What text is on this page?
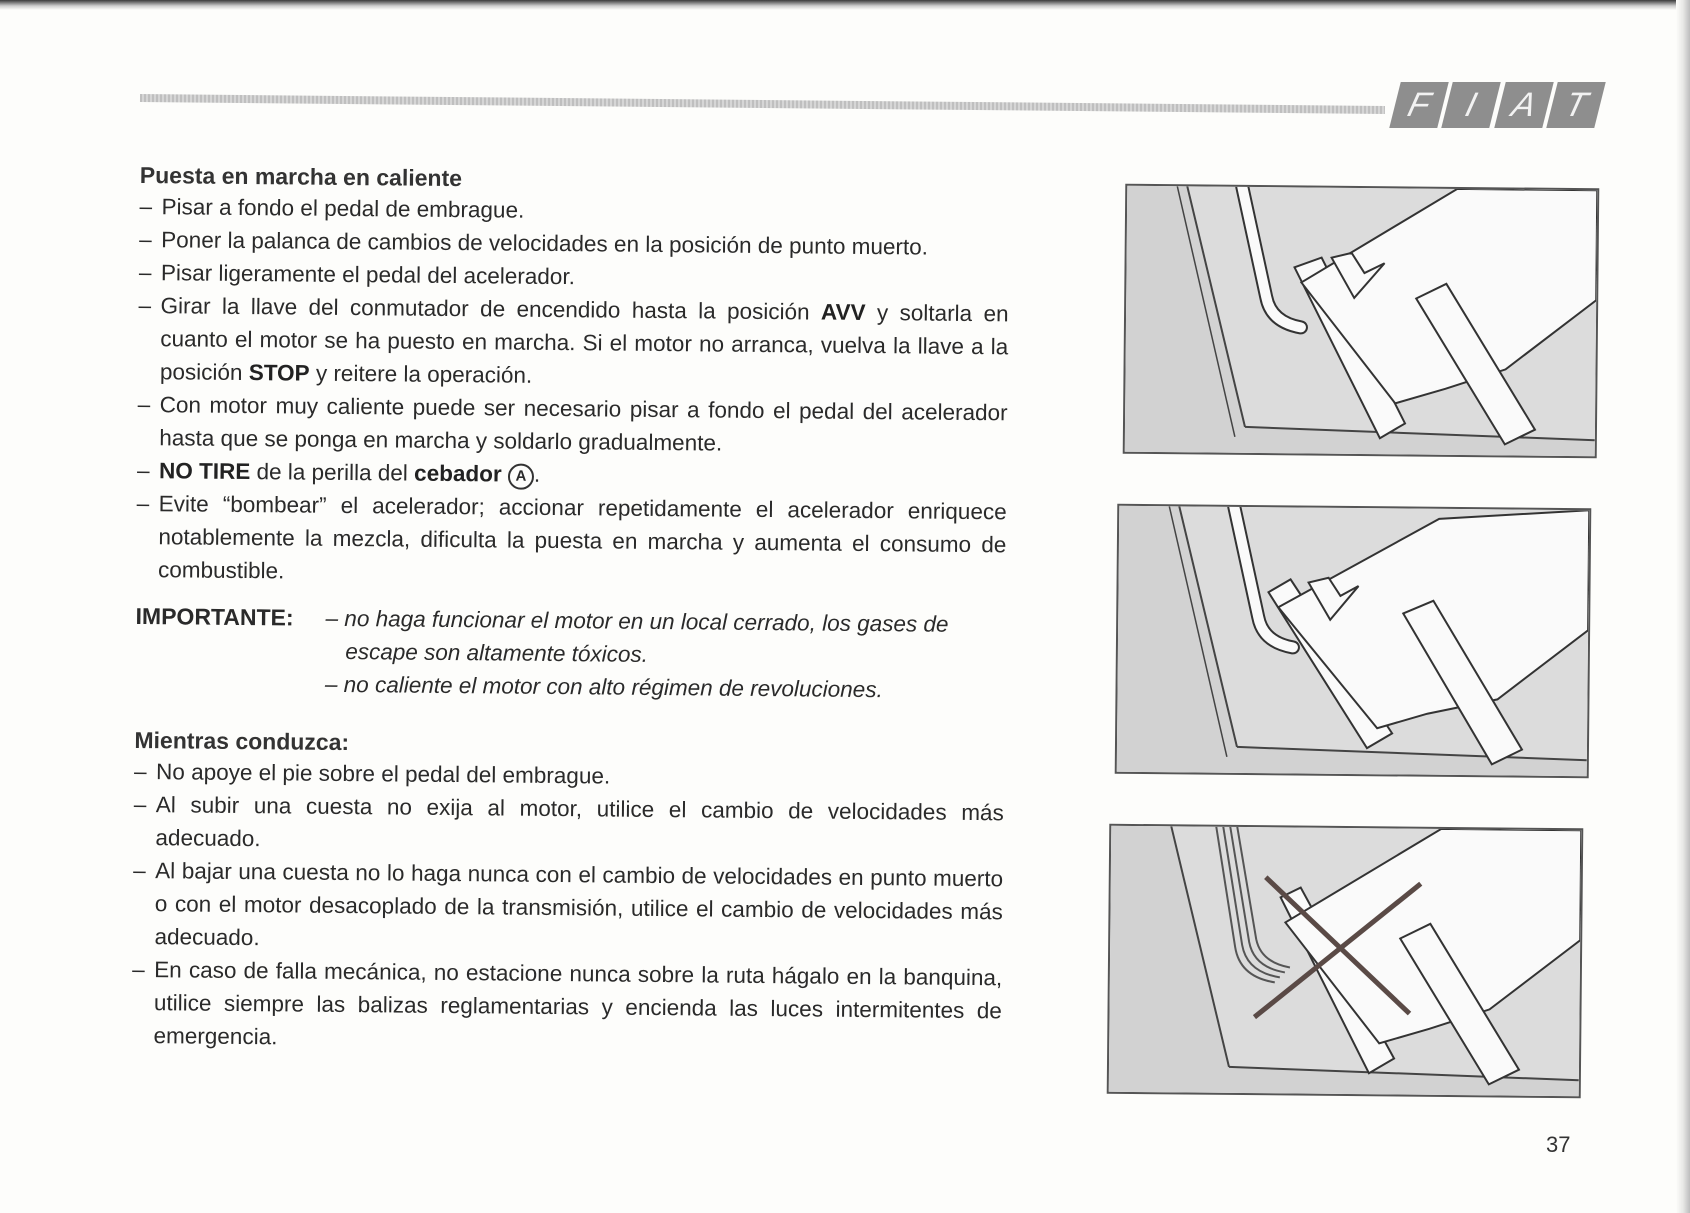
F I A T
Puesta en marcha en caliente
– Pisar a fondo el pedal de embrague.
– Poner la palanca de cambios de velocidades en la posición de punto muerto.
– Pisar ligeramente el pedal del acelerador.
– Girar la llave del conmutador de encendido hasta la posición AVV y soltarla en cuanto el motor se ha puesto en marcha. Si el motor no arranca, vuelva la llave a la posición STOP y reitere la operación.
– Con motor muy caliente puede ser necesario pisar a fondo el pedal del acelerador hasta que se ponga en marcha y soldarlo gradualmente.
– NO TIRE de la perilla del cebador A .
– Evite “bombear” el acelerador; accionar repetidamente el acelerador enriquece notablemente la mezcla, dificulta la puesta en marcha y aumenta el consumo de combustible.
IMPORTANTE:	– no haga funcionar el motor en un local cerrado, los gases de escape son altamente tóxicos.
– no caliente el motor con alto régimen de revoluciones.
Mientras conduzca:
– No apoye el pie sobre el pedal del embrague.
– Al subir una cuesta no exija al motor, utilice el cambio de velocidades más adecuado.
– Al bajar una cuesta no lo haga nunca con el cambio de velocidades en punto muerto o con el motor desacoplado de la transmisión, utilice el cambio de velocidades más adecuado.
– En caso de falla mecánica, no estacione nunca sobre la ruta hágalo en la banquina, utilice siempre las balizas reglamentarias y encienda las luces intermitentes de emergencia.
37
